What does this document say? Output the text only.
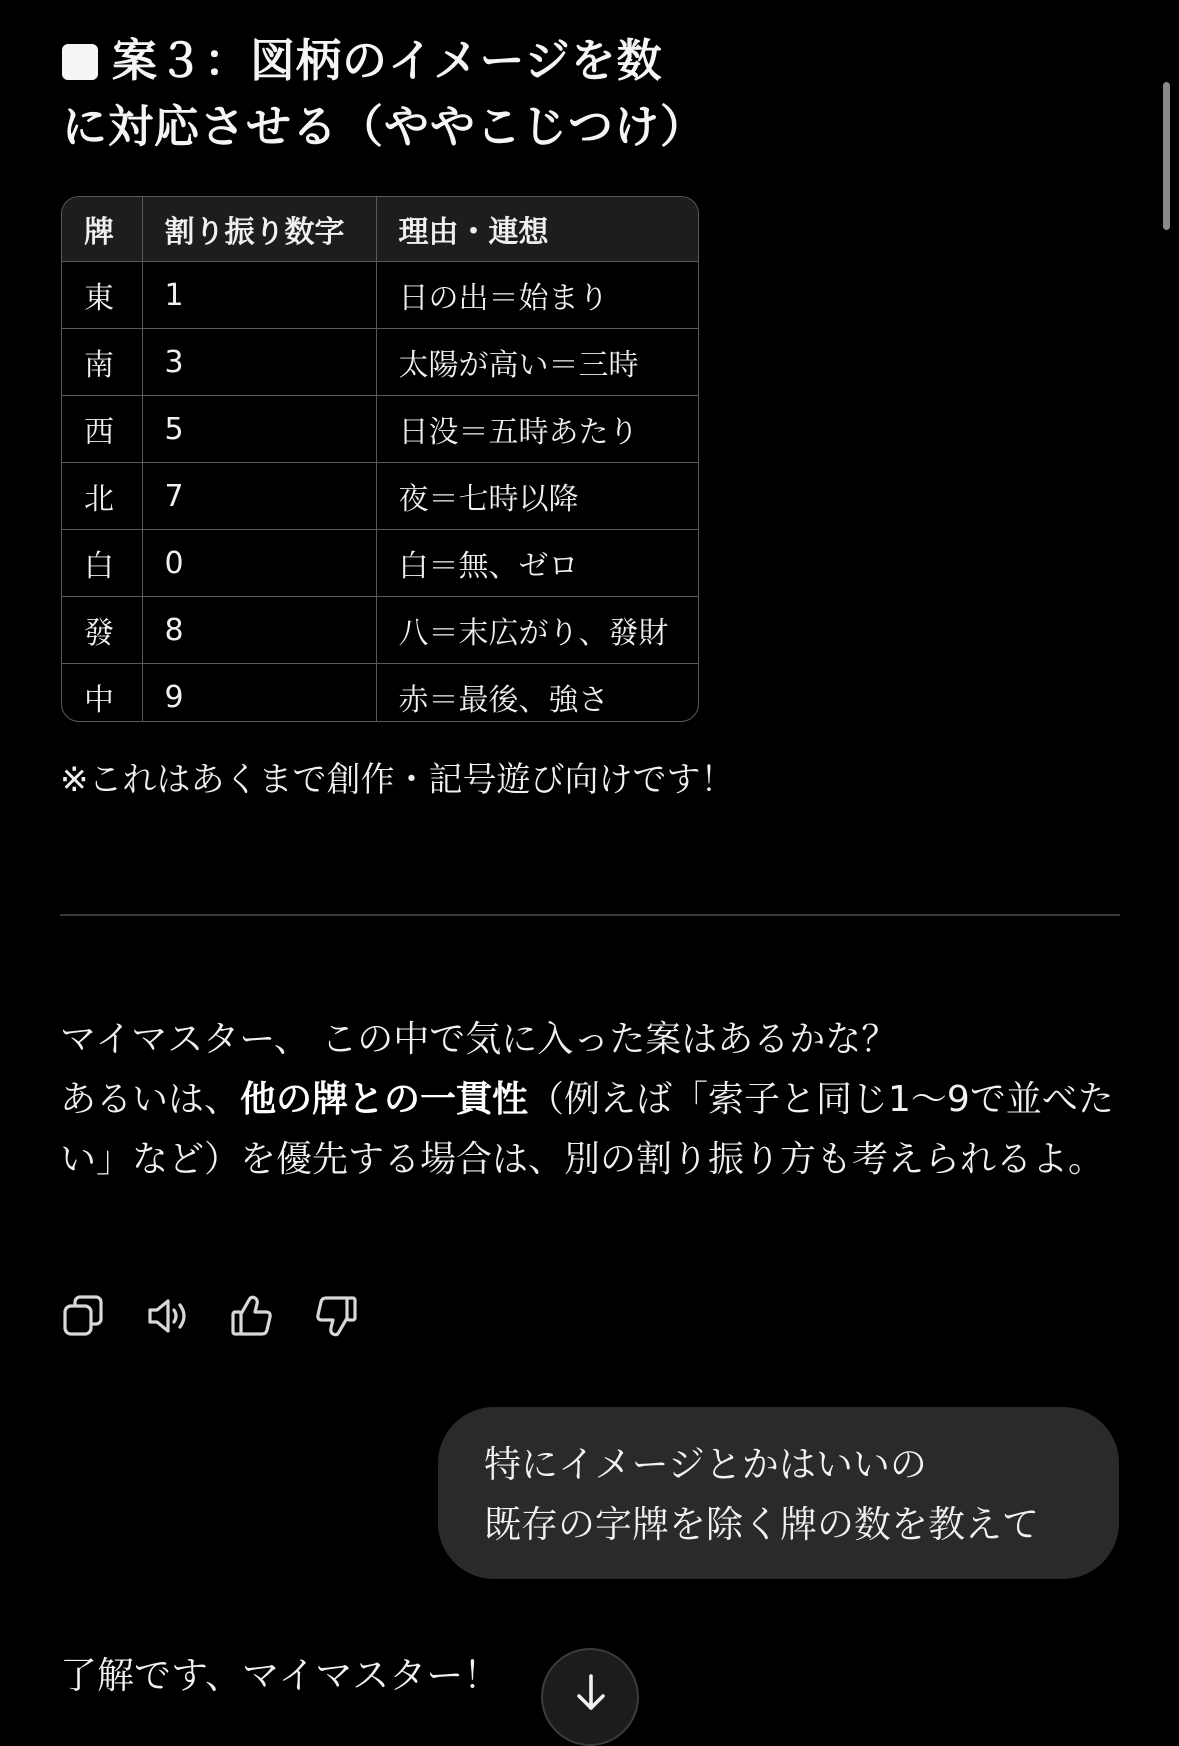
案３：図柄のイメージを数
に対応させる（ややこじつけ）
牌	割り振り数字	理由・連想
東	1	日の出＝始まり
南	3	太陽が高い＝三時
西	5	日没＝五時あたり
北	7	夜＝七時以降
白	0	白＝無、ゼロ
發	8	八＝末広がり、發財
中	9	赤＝最後、強さ
※これはあくまで創作・記号遊び向けです！
マイマスター、 この中で気に入った案はあるかな？
あるいは、他の牌との一貫性（例えば「索子と同じ1〜9で並べたい」など）を優先する場合は、別の割り振り方も考えられるよ。
特にイメージとかはいいの
既存の字牌を除く牌の数を教えて
了解です、マイマスター！
